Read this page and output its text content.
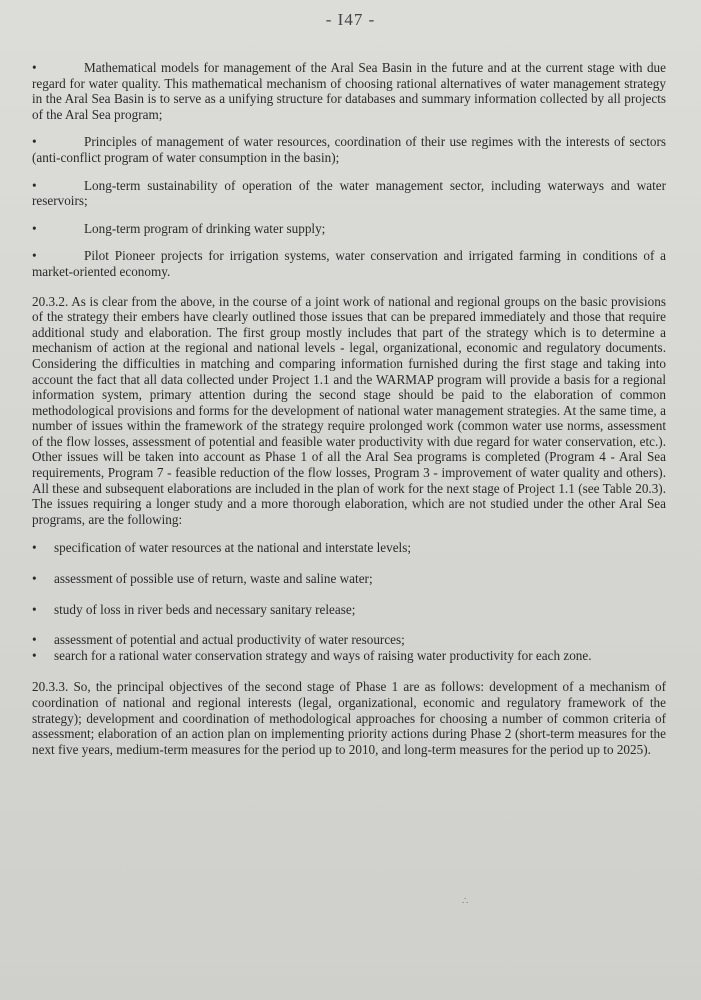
- I47 -
•	Mathematical models for management of the Aral Sea Basin in the future and at the current stage with due regard for water quality. This mathematical mechanism of choosing rational alternatives of water management strategy in the Aral Sea Basin is to serve as a unifying structure for databases and summary information collected by all projects of the Aral Sea program;
•	Principles of management of water resources, coordination of their use regimes with the interests of sectors (anti-conflict program of water consumption in the basin);
•	Long-term sustainability of operation of the water management sector, including waterways and water reservoirs;
•	Long-term program of drinking water supply;
•	Pilot Pioneer projects for irrigation systems, water conservation and irrigated farming in conditions of a market-oriented economy.

20.3.2. As is clear from the above, in the course of a joint work of national and regional groups on the basic provisions of the strategy their embers have clearly outlined those issues that can be prepared immediately and those that require additional study and elaboration. The first group mostly includes that part of the strategy which is to determine a mechanism of action at the regional and national levels - legal, organizational, economic and regulatory documents. Considering the difficulties in matching and comparing information furnished during the first stage and taking into account the fact that all data collected under Project 1.1 and the WARMAP program will provide a basis for a regional information system, primary attention during the second stage should be paid to the elaboration of common methodological provisions and forms for the development of national water management strategies. At the same time, a number of issues within the framework of the strategy require prolonged work (common water use norms, assessment of the flow losses, assessment of potential and feasible water productivity with due regard for water conservation, etc.). Other issues will be taken into account as Phase 1 of all the Aral Sea programs is completed (Program 4 - Aral Sea requirements, Program 7 - feasible reduction of the flow losses, Program 3 - improvement of water quality and others). All these and subsequent elaborations are included in the plan of work for the next stage of Project 1.1 (see Table 20.3). The issues requiring a longer study and a more thorough elaboration, which are not studied under the other Aral Sea programs, are the following:

• specification of water resources at the national and interstate levels;
• assessment of possible use of return, waste and saline water;
• study of loss in river beds and necessary sanitary release;
• assessment of potential and actual productivity of water resources;
• search for a rational water conservation strategy and ways of raising water productivity for each zone.

20.3.3. So, the principal objectives of the second stage of Phase 1 are as follows: development of a mechanism of coordination of national and regional interests (legal, organizational, economic and regulatory framework of the strategy); development and coordination of methodological approaches for choosing a number of common criteria of assessment; elaboration of an action plan on implementing priority actions during Phase 2 (short-term measures for the next five years, medium-term measures for the period up to 2010, and long-term measures for the period up to 2025).

∴
